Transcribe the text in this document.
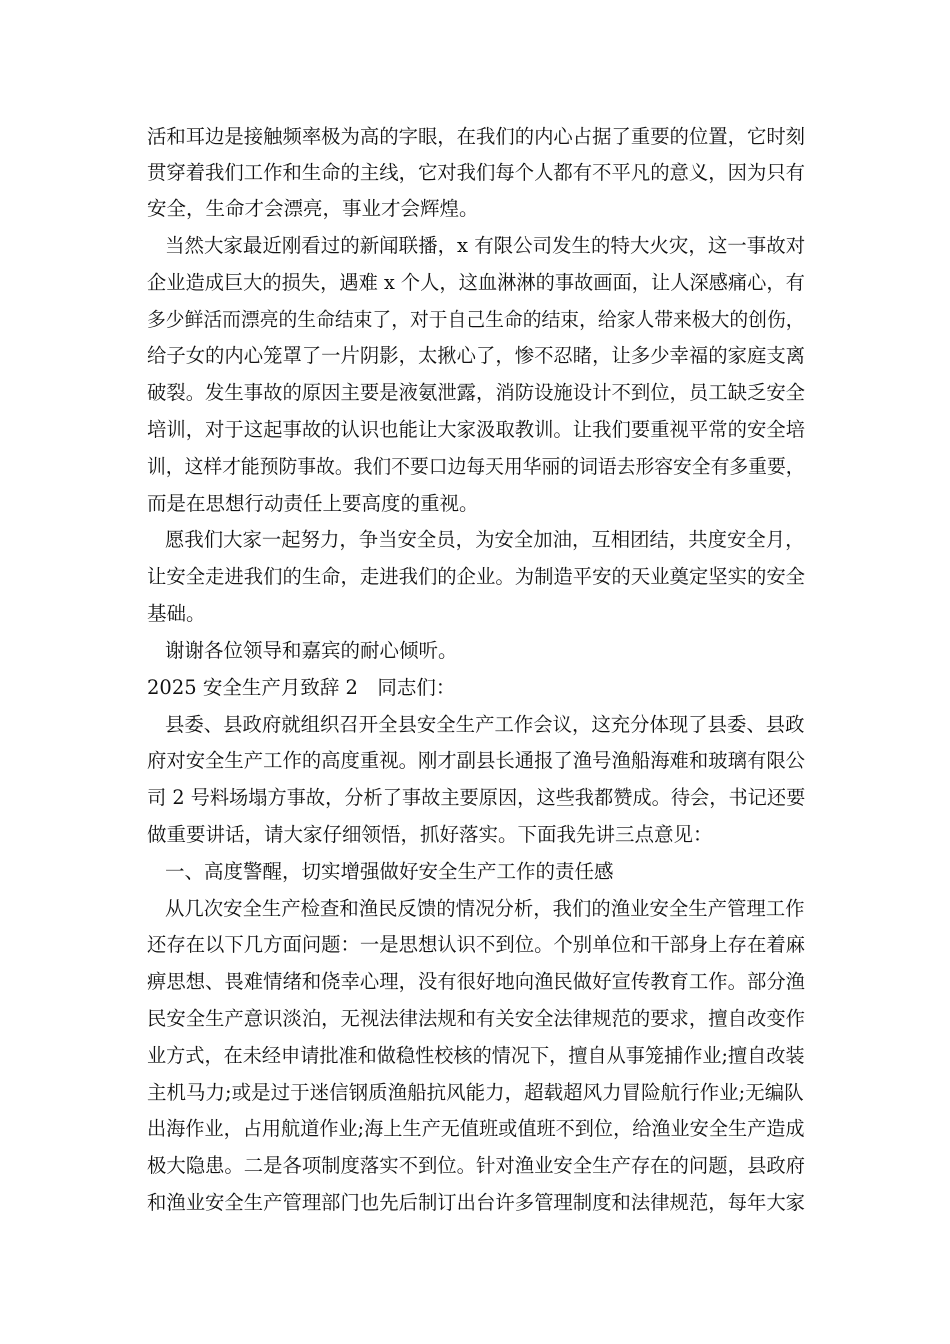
活和耳边是接触频率极为高的字眼，在我们的内心占据了重要的位置，它时刻
贯穿着我们工作和生命的主线，它对我们每个人都有不平凡的意义，因为只有
安全，生命才会漂亮，事业才会辉煌。
当然大家最近刚看过的新闻联播，x 有限公司发生的特大火灾，这一事故对
企业造成巨大的损失，遇难 x 个人，这血淋淋的事故画面，让人深感痛心，有
多少鲜活而漂亮的生命结束了，对于自己生命的结束，给家人带来极大的创伤，
给子女的内心笼罩了一片阴影，太揪心了，惨不忍睹，让多少幸福的家庭支离
破裂。发生事故的原因主要是液氨泄露，消防设施设计不到位，员工缺乏安全
培训，对于这起事故的认识也能让大家汲取教训。让我们要重视平常的安全培
训，这样才能预防事故。我们不要口边每天用华丽的词语去形容安全有多重要，
而是在思想行动责任上要高度的重视。
愿我们大家一起努力，争当安全员，为安全加油，互相团结，共度安全月，
让安全走进我们的生命，走进我们的企业。为制造平安的天业奠定坚实的安全
基础。
谢谢各位领导和嘉宾的耐心倾听。
2025 安全生产月致辞 2　同志们：
县委、县政府就组织召开全县安全生产工作会议，这充分体现了县委、县政
府对安全生产工作的高度重视。刚才副县长通报了渔号渔船海难和玻璃有限公
司 2 号料场塌方事故，分析了事故主要原因，这些我都赞成。待会，书记还要
做重要讲话，请大家仔细领悟，抓好落实。下面我先讲三点意见：
一、高度警醒，切实增强做好安全生产工作的责任感
从几次安全生产检查和渔民反馈的情况分析，我们的渔业安全生产管理工作
还存在以下几方面问题：一是思想认识不到位。个别单位和干部身上存在着麻
痹思想、畏难情绪和侥幸心理，没有很好地向渔民做好宣传教育工作。部分渔
民安全生产意识淡泊，无视法律法规和有关安全法律规范的要求，擅自改变作
业方式，在未经申请批准和做稳性校核的情况下，擅自从事笼捕作业;擅自改装
主机马力;或是过于迷信钢质渔船抗风能力，超载超风力冒险航行作业;无编队
出海作业，占用航道作业;海上生产无值班或值班不到位，给渔业安全生产造成
极大隐患。二是各项制度落实不到位。针对渔业安全生产存在的问题，县政府
和渔业安全生产管理部门也先后制订出台许多管理制度和法律规范，每年大家
